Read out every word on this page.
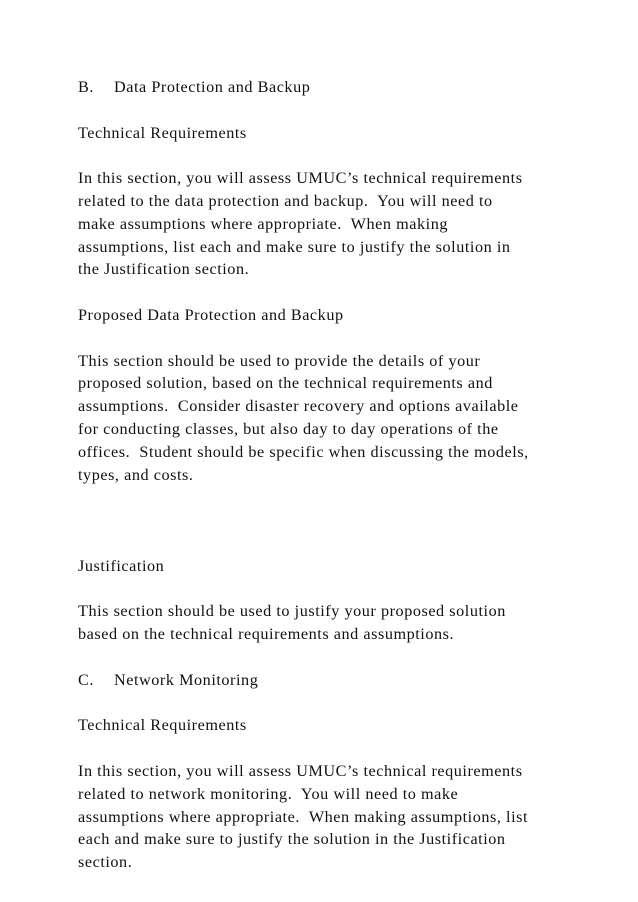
B. Data Protection and Backup
Technical Requirements
In this section, you will assess UMUC’s technical requirements
related to the data protection and backup.  You will need to
make assumptions where appropriate.  When making
assumptions, list each and make sure to justify the solution in
the Justification section.
Proposed Data Protection and Backup
This section should be used to provide the details of your
proposed solution, based on the technical requirements and
assumptions.  Consider disaster recovery and options available
for conducting classes, but also day to day operations of the
offices.  Student should be specific when discussing the models,
types, and costs.
Justification
This section should be used to justify your proposed solution
based on the technical requirements and assumptions.
C. Network Monitoring
Technical Requirements
In this section, you will assess UMUC’s technical requirements
related to network monitoring.  You will need to make
assumptions where appropriate.  When making assumptions, list
each and make sure to justify the solution in the Justification
section.
